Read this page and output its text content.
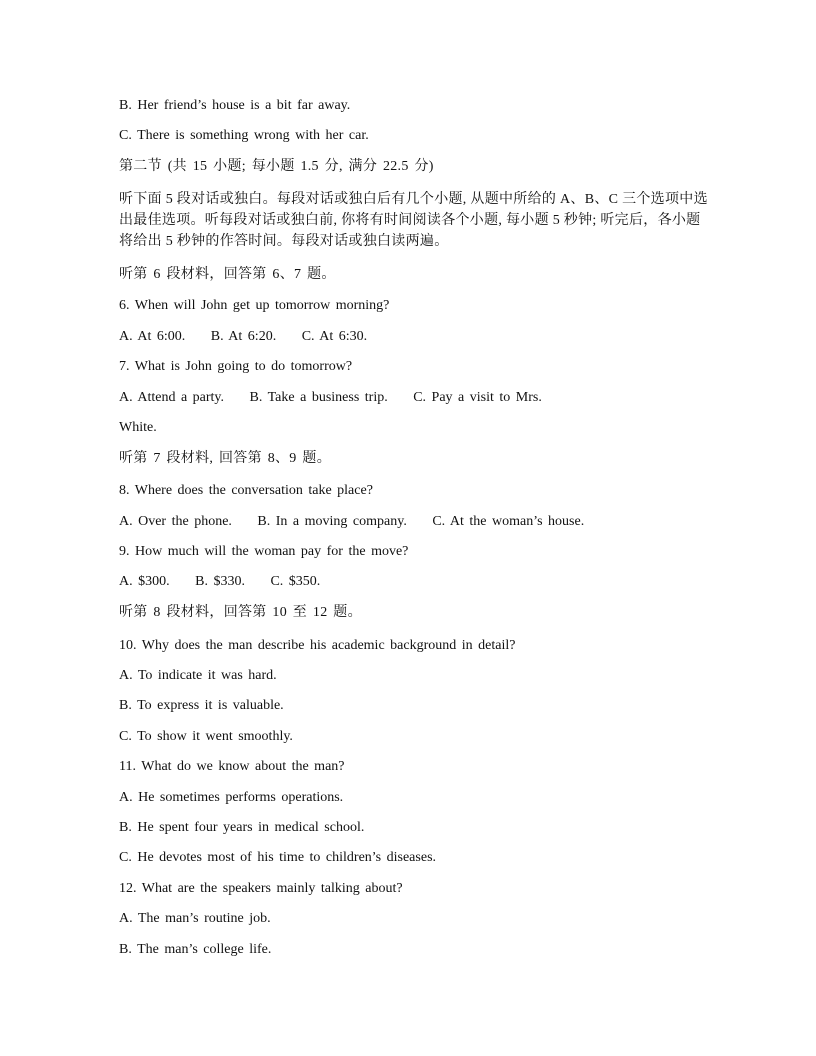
B. Her friend’s house is a bit far away.
C. There is something wrong with her car.
第二节 (共 15 小题; 每小题 1.5 分, 满分 22.5 分)
听下面 5 段对话或独白。每段对话或独白后有几个小题, 从题中所给的 A、B、C 三个选项中选出最佳选项。听每段对话或独白前, 你将有时间阅读各个小题, 每小题 5 秒钟; 听完后，各小题将给出 5 秒钟的作答时间。每段对话或独白读两遍。
听第 6 段材料，回答第 6、7 题。
6. When will John get up tomorrow morning?
A. At 6:00. B. At 6:20. C. At 6:30.
7. What is John going to do tomorrow?
A. Attend a party. B. Take a business trip. C. Pay a visit to Mrs.
White.
听第 7 段材料, 回答第 8、9 题。
8. Where does the conversation take place?
A. Over the phone. B. In a moving company. C. At the woman’s house.
9. How much will the woman pay for the move?
A. $300. B. $330. C. $350.
听第 8 段材料，回答第 10 至 12 题。
10. Why does the man describe his academic background in detail?
A. To indicate it was hard.
B. To express it is valuable.
C. To show it went smoothly.
11. What do we know about the man?
A. He sometimes performs operations.
B. He spent four years in medical school.
C. He devotes most of his time to children’s diseases.
12. What are the speakers mainly talking about?
A. The man’s routine job.
B. The man’s college life.
